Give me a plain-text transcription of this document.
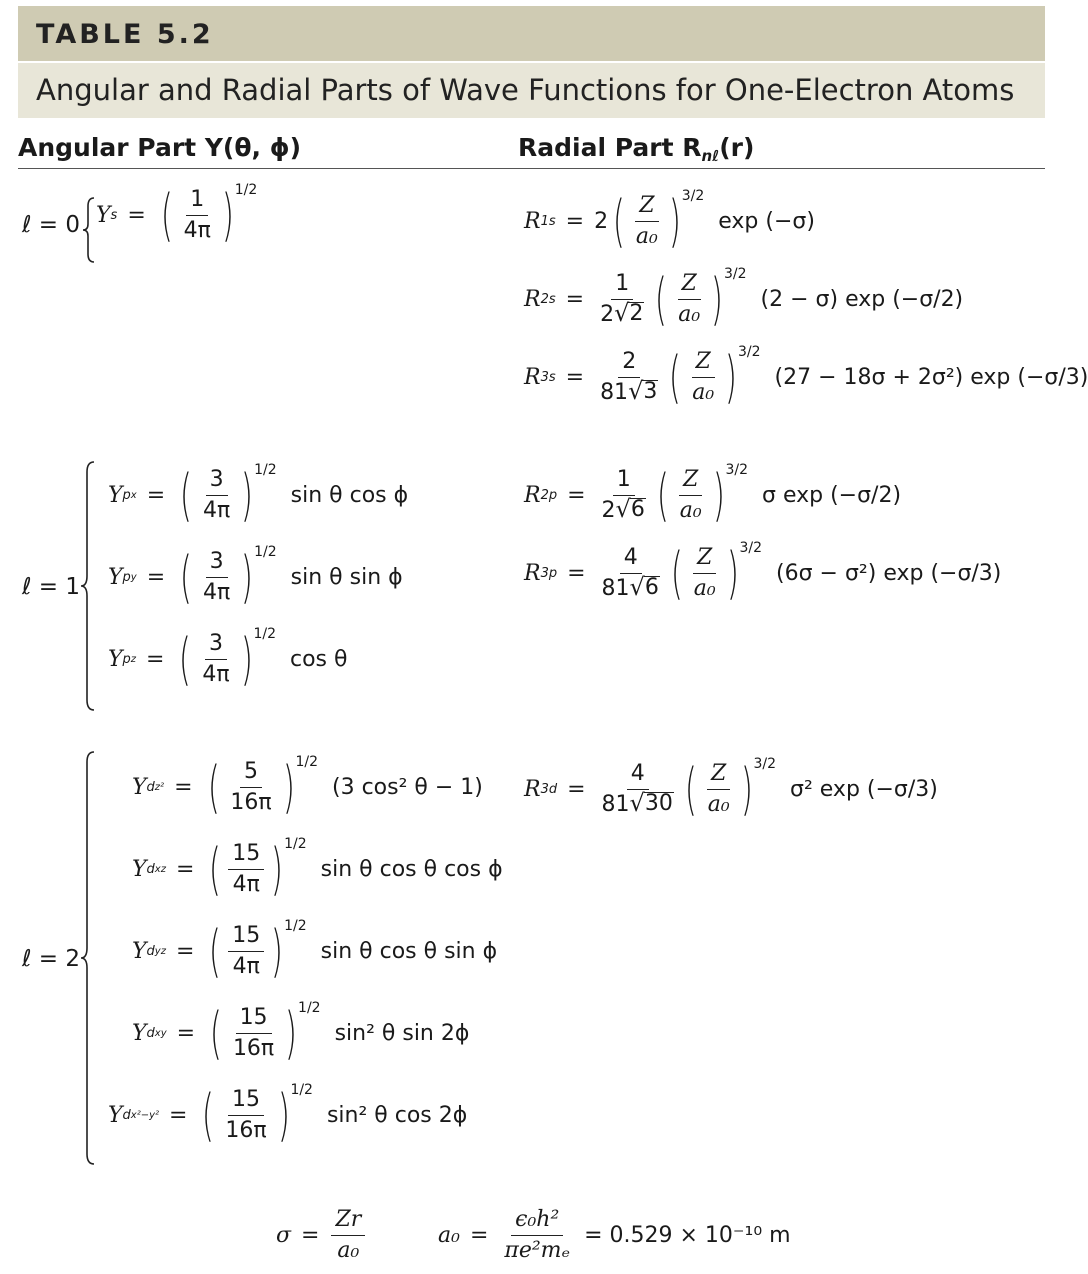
TABLE 5.2
Angular and Radial Parts of Wave Functions for One-Electron Atoms
Angular Part Y(θ, ϕ)	Radial Part $R_{n\ell}(r)$
ℓ = 0
ℓ = 1
ℓ = 2
Y s = ( $\frac{1}{4\pi}$ ) 1/2
Y p x = ( $\frac{3}{4\pi}$ ) 1/2
sin θ cos ϕ
Y p y = ( $\frac{3}{4\pi}$ ) 1/2
sin θ sin ϕ
Y p z = ( $\frac{3}{4\pi}$ ) 1/2
cos θ
Y d z² = ( $\frac{5}{16\pi}$ ) 1/2
(3 cos² θ − 1)
Y d xz = ( $\frac{15}{4\pi}$ ) 1/2
sin θ cos θ cos ϕ
Y d yz = ( $\frac{15}{4\pi}$ ) 1/2
sin θ cos θ sin ϕ
Y d xy = ( $\frac{15}{16\pi}$ ) 1/2
sin² θ sin 2ϕ
Y d x²−y² = ( $\frac{15}{16\pi}$ ) 1/2
sin² θ cos 2ϕ
R 1s = 2 ( $\frac{Z}{\text{a₀}}$ ) 3/2
exp (−σ)
R $2s = \frac{1}{2 √ 2}$ ( $\frac{Z}{\text{a₀}}$ ) 3/2
(2 − σ) exp (−σ/2)
R $3s = \frac{2}{81 √ 3}$ ( $\frac{Z}{\text{a₀}}$ ) 3/2
(27 − 18σ + 2σ²) exp (−σ/3)
R $2p = \frac{1}{2 √ 6}$ ( $\frac{Z}{\text{a₀}}$ ) 3/2
σ exp (−σ/2)
R $3p = \frac{4}{81 √ 6}$ ( $\frac{Z}{\text{a₀}}$ ) 3/2
(6σ − σ²) exp (−σ/3)
R $3d = \frac{4}{81 √ 30}$ ( $\frac{Z}{\text{a₀}}$ ) 3/2
σ² exp (−σ/3)
$\sigma = \frac{Zr}{\text{a₀}}$	$a_0 = \frac{\text{ϵ₀h²}}{\text{πe²mₑ}} = 0.529 \times 10^{-10}$ m
